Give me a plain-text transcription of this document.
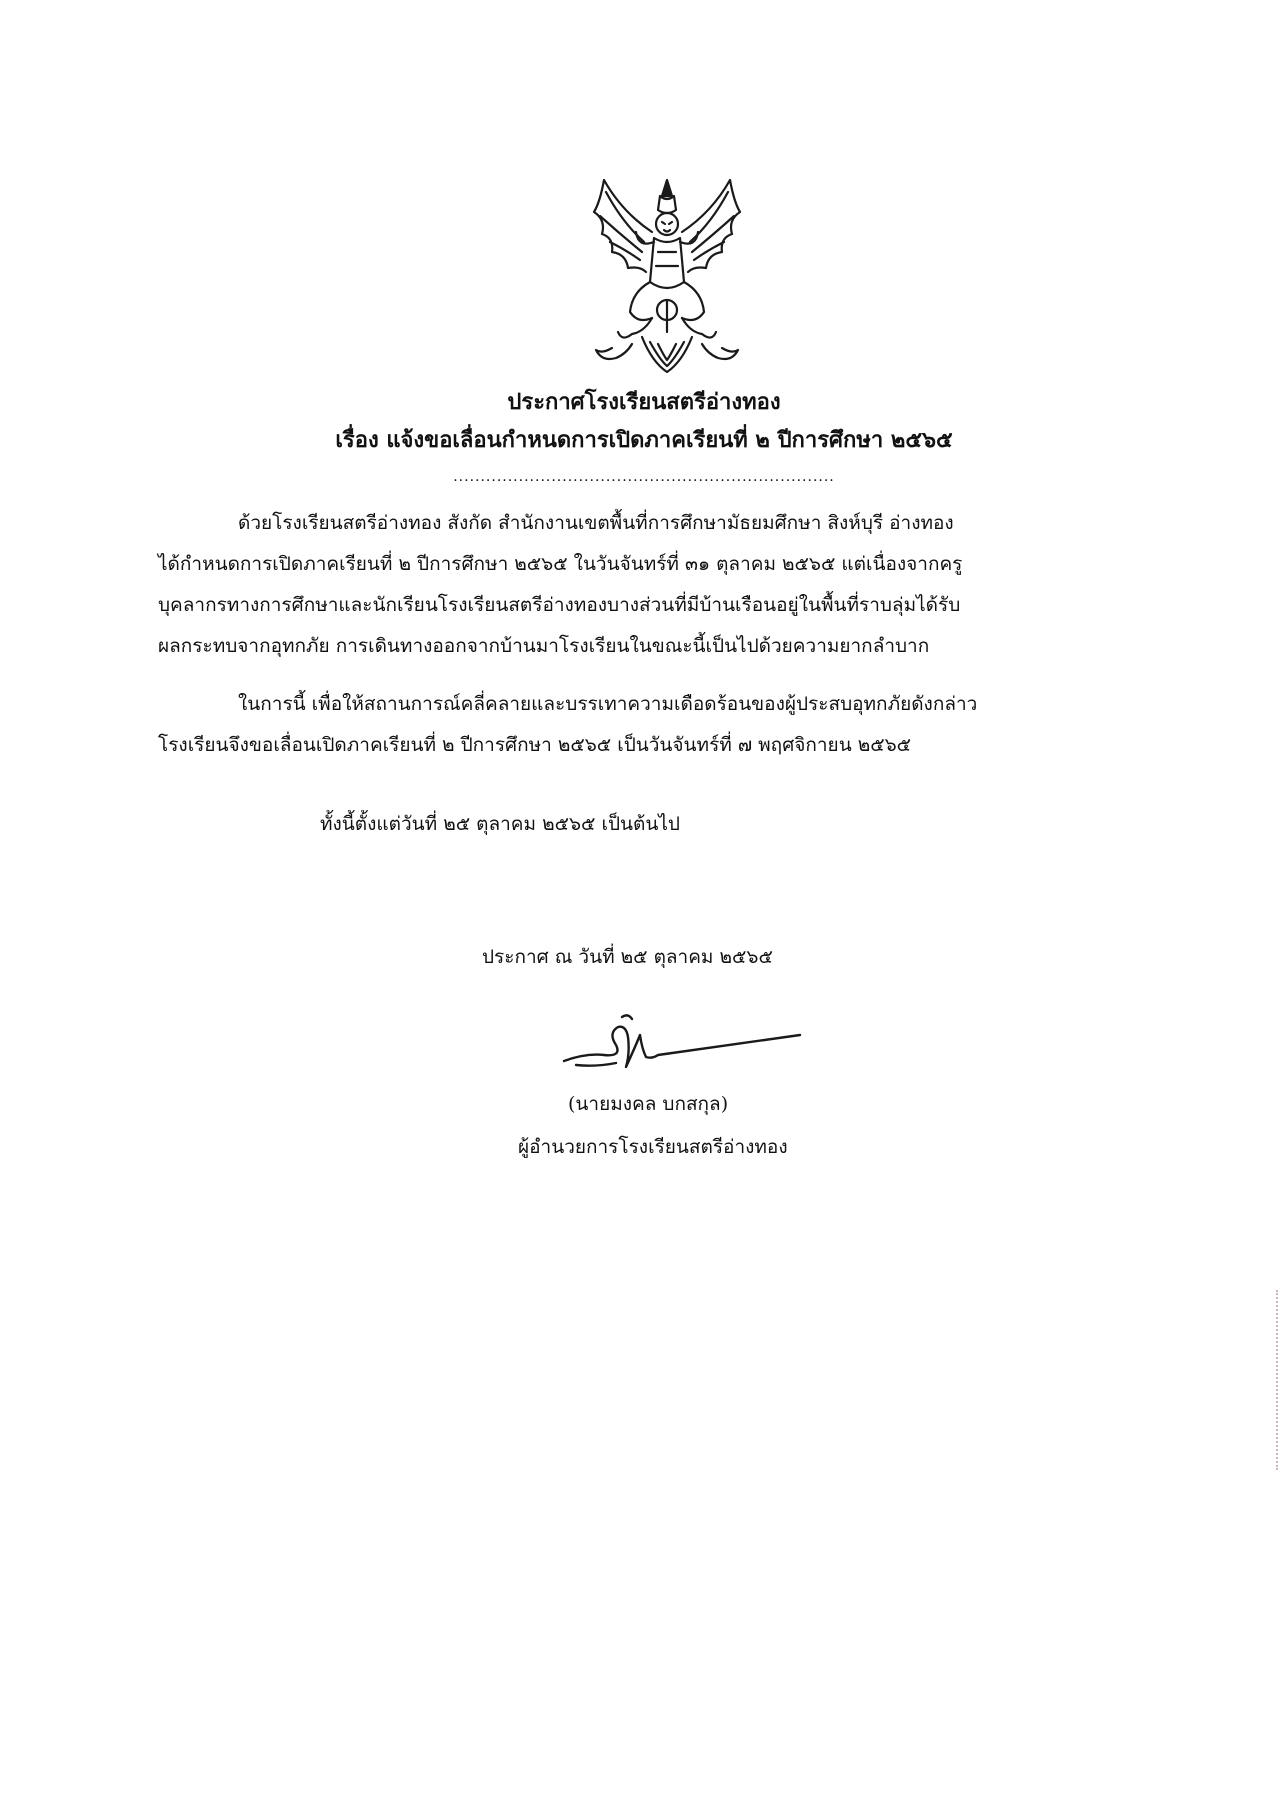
ประกาศโรงเรียนสตรีอ่างทอง
เรื่อง แจ้งขอเลื่อนกำหนดการเปิดภาคเรียนที่ ๒ ปีการศึกษา ๒๕๖๕
......................................................................
ด้วยโรงเรียนสตรีอ่างทอง สังกัด สำนักงานเขตพื้นที่การศึกษามัธยมศึกษา สิงห์บุรี อ่างทอง
ได้กำหนดการเปิดภาคเรียนที่ ๒ ปีการศึกษา ๒๕๖๕ ในวันจันทร์ที่ ๓๑ ตุลาคม ๒๕๖๕ แต่เนื่องจากครู
บุคลากรทางการศึกษาและนักเรียนโรงเรียนสตรีอ่างทองบางส่วนที่มีบ้านเรือนอยู่ในพื้นที่ราบลุ่มได้รับ
ผลกระทบจากอุทกภัย การเดินทางออกจากบ้านมาโรงเรียนในขณะนี้เป็นไปด้วยความยากลำบาก
ในการนี้ เพื่อให้สถานการณ์คลี่คลายและบรรเทาความเดือดร้อนของผู้ประสบอุทกภัยดังกล่าว
โรงเรียนจึงขอเลื่อนเปิดภาคเรียนที่ ๒ ปีการศึกษา ๒๕๖๕ เป็นวันจันทร์ที่ ๗ พฤศจิกายน ๒๕๖๕
ทั้งนี้ตั้งแต่วันที่ ๒๕ ตุลาคม ๒๕๖๕ เป็นต้นไป
ประกาศ ณ วันที่ ๒๕ ตุลาคม ๒๕๖๕
(นายมงคล บกสกุล)
ผู้อำนวยการโรงเรียนสตรีอ่างทอง
